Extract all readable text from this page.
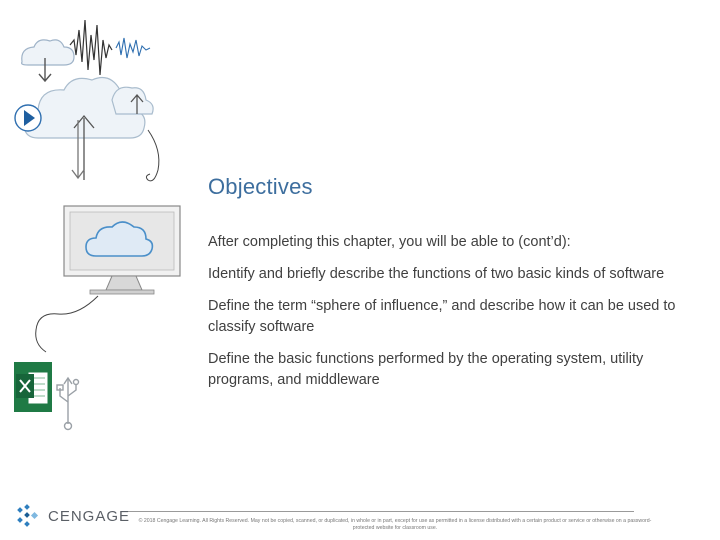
Objectives

After completing this chapter, you will be able to (cont’d):

Identify and briefly describe the functions of two basic kinds of software

Define the term “sphere of influence,” and describe how it can be used to classify software

Define the basic functions performed by the operating system, utility programs, and middleware

CENGAGE	© 2018 Cengage Learning. All Rights Reserved. May not be copied, scanned, or duplicated, in whole or in part, except for use as permitted in a license distributed with a certain product or service or otherwise on a password-protected website for classroom use.
